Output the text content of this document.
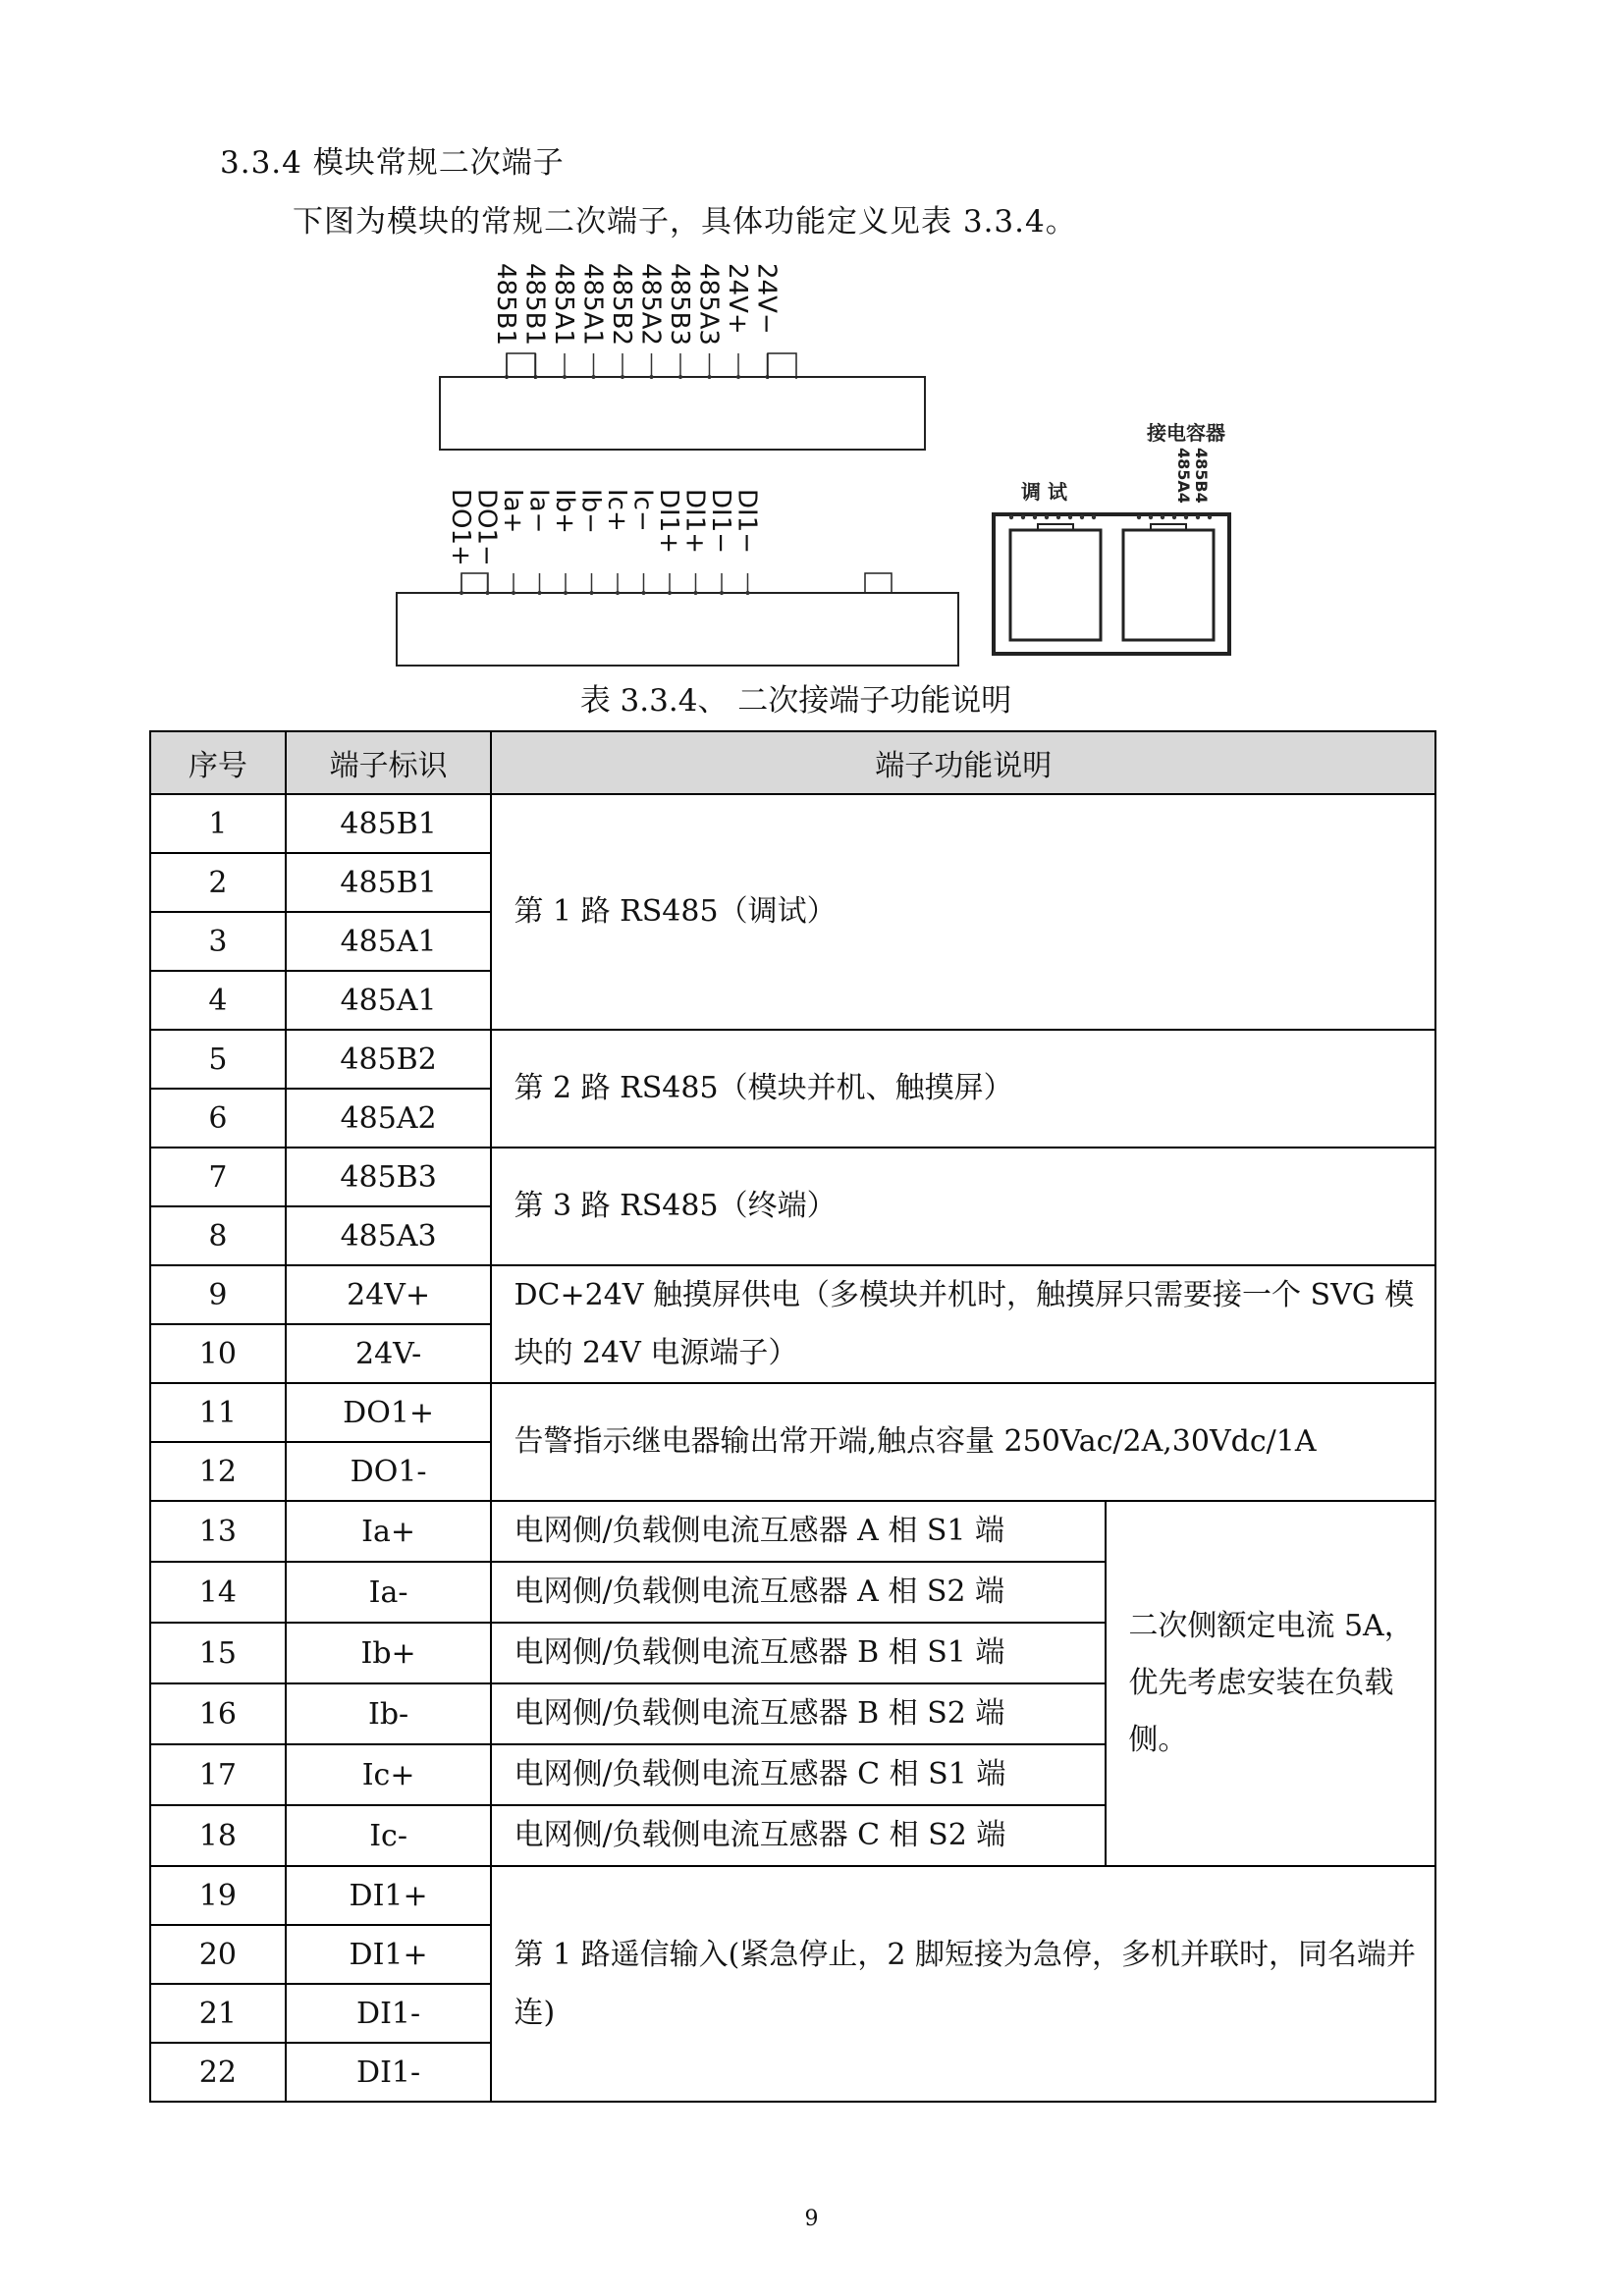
3.3.4 模块常规二次端子
下图为模块的常规二次端子，具体功能定义见表 3.3.4。
485B1 485B1 485A1 485A1 485B2 485A2 485B3 485A3 24V+ 24V−
DO1+
DO1−
Ia+
Ia−
Ib+
Ib−
Ic+
Ic−
DI1+
DI1+
DI1−
DI1−	调 试
接电容器
485B4
485A4
表 3.3.4、 二次接端子功能说明
序号	端子标识	端子功能说明	
1	485B1	第 1 路 RS485（调试）	
2	485B1		
3	485A1		
4	485A1		
5	485B2	第 2 路 RS485（模块并机、触摸屏）	
6	485A2		
7	485B3	第 3 路 RS485（终端）	
8	485A3		
9	24V+	DC+24V 触摸屏供电（多模块并机时，触摸屏只需要接一个 SVG 模块的 24V 电源端子）	
10	24V-		
11	DO1+	告警指示继电器输出常开端,触点容量 250Vac/2A,30Vdc/1A	
12	DO1-		
13	Ia+	电网侧/负载侧电流互感器 A 相 S1 端	二次侧额定电流 5A，优先考虑安装在负载侧。
14	Ia-	电网侧/负载侧电流互感器 A 相 S2 端	
15	Ib+	电网侧/负载侧电流互感器 B 相 S1 端	
16	Ib-	电网侧/负载侧电流互感器 B 相 S2 端	
17	Ic+	电网侧/负载侧电流互感器 C 相 S1 端	
18	Ic-	电网侧/负载侧电流互感器 C 相 S2 端	
19	DI1+	第 1 路遥信输入(紧急停止，2 脚短接为急停，多机并联时，同名端并连)	
20	DI1+		
21	DI1-		
22	DI1-		
9
